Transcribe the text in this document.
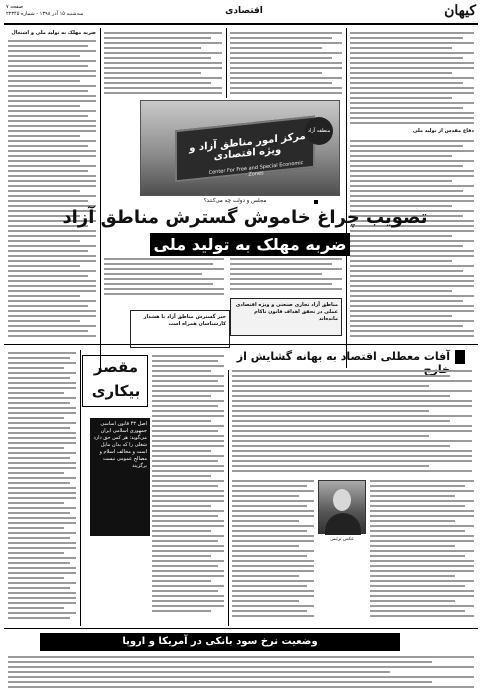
صفحه ۷
سه‌شنبه ۱۵ آذر ۱۳۹۸ - شماره ۲۲۳۴۵	اقتصادی	کیهان
ضربه مهلک به تولید ملی و اشتغال
دفاع مقدس از تولید ملی
مرکز امور مناطق آزاد و ویژه اقتصادی
Center For Free and Special Economic Zones
منطقه آزاد
مجلس و دولت چه می‌کنند؟
تصویب چراغ خاموش گسترش مناطق آزاد
ضربه مهلک به تولید ملی
مناطق آزاد تجاری صنعتی و ویژه اقتصادی عملی در تحقق اهداف قانون ناکام مانده‌اند
خبر گسترش مناطق آزاد با هشدار کارشناسان همراه است
آفات معطلی اقتصاد به بهانه گشایش از
عکس تزئینی
مقصر
بیکاری
اصل ۴۳ قانون اساسی جمهوری اسلامی ایران می‌گوید: هر کس حق دارد شغلی را که بدان مایل است و مخالف اسلام و مصالح عمومی نیست برگزیند
وضعیت نرخ سود بانکی در آمریکا و اروپا
